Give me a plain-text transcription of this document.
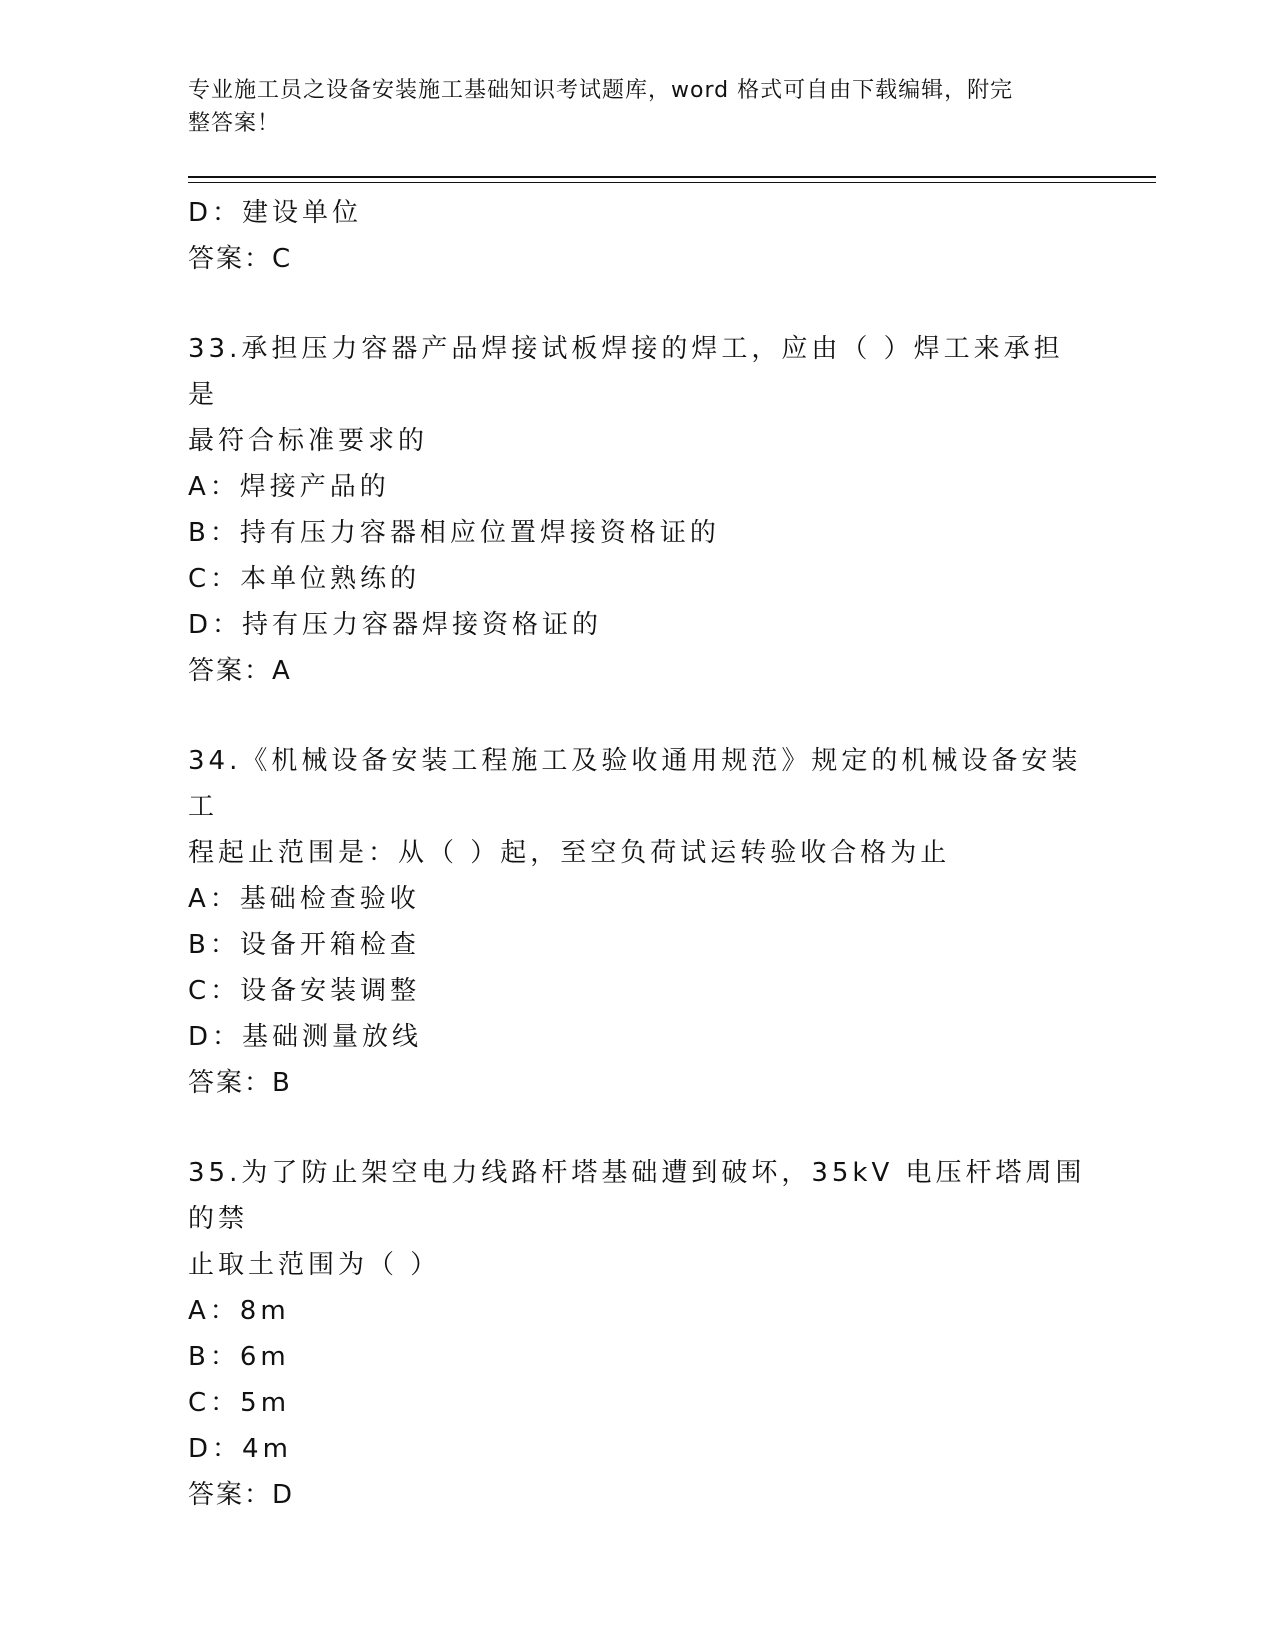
专业施工员之设备安装施工基础知识考试题库，word 格式可自由下载编辑，附完
整答案！
D：建设单位
答案：C
33.承担压力容器产品焊接试板焊接的焊工，应由（ ）焊工来承担是
最符合标准要求的
A：焊接产品的
B：持有压力容器相应位置焊接资格证的
C：本单位熟练的
D：持有压力容器焊接资格证的
答案：A
34.《机械设备安装工程施工及验收通用规范》规定的机械设备安装工
程起止范围是：从（ ）起，至空负荷试运转验收合格为止
A：基础检查验收
B：设备开箱检查
C：设备安装调整
D：基础测量放线
答案：B
35.为了防止架空电力线路杆塔基础遭到破坏，35kV 电压杆塔周围的禁
止取土范围为（ ）
A：8m
B：6m
C：5m
D：4m
答案：D
